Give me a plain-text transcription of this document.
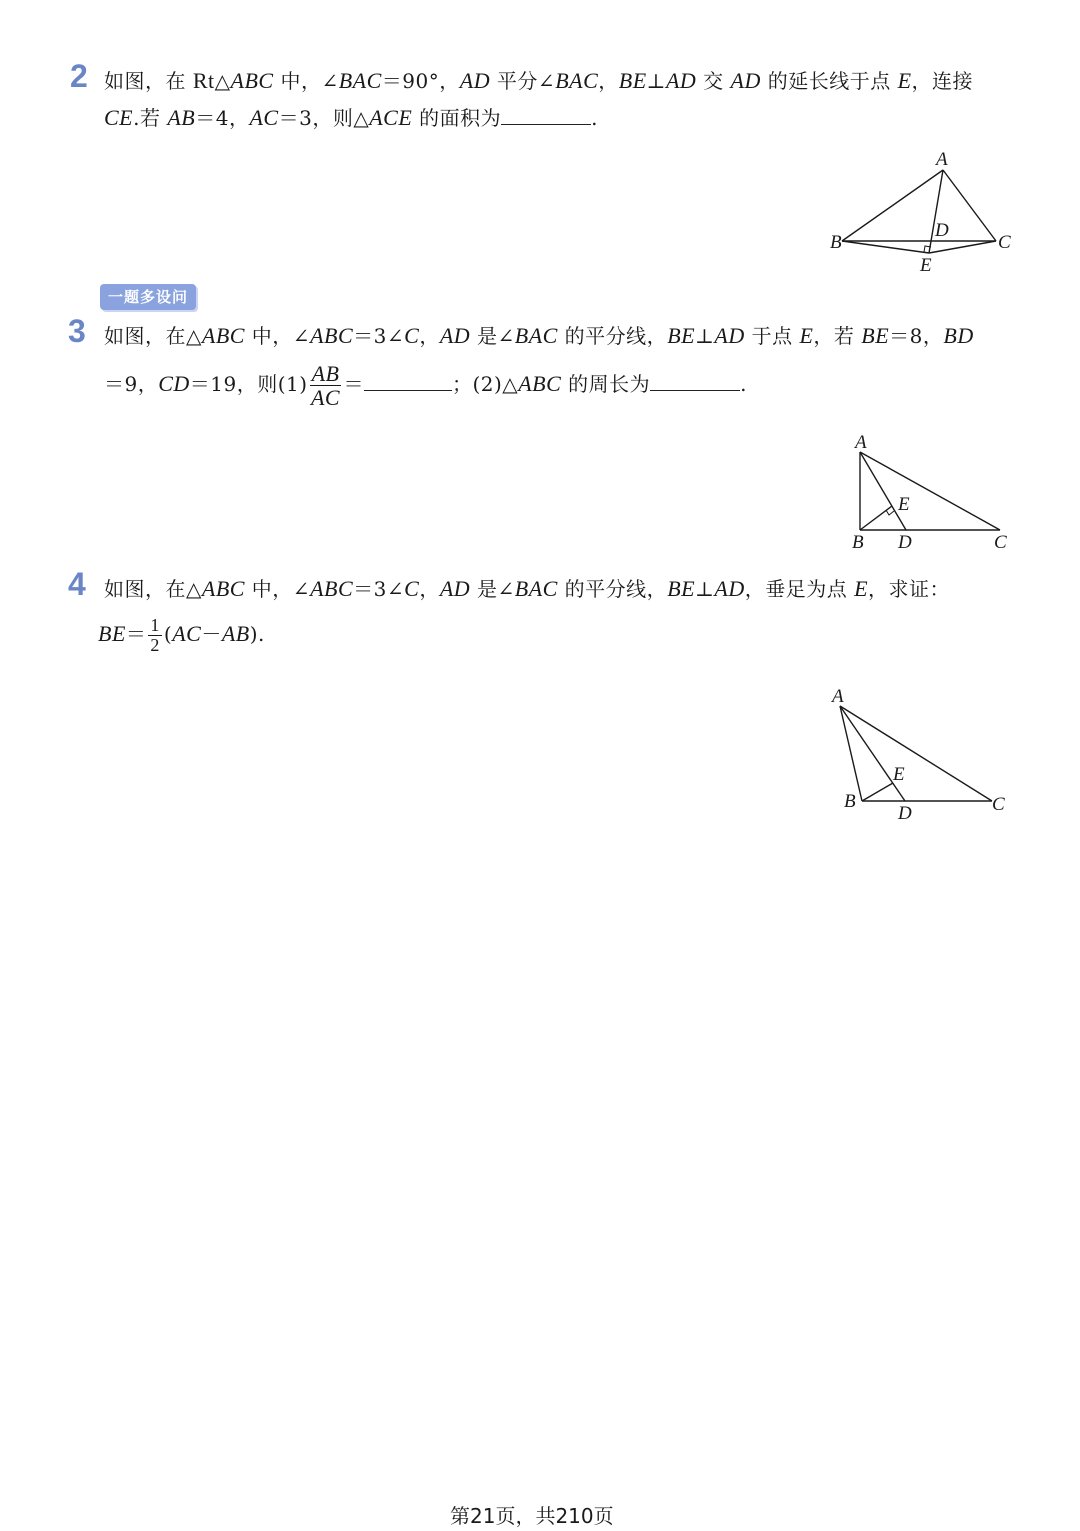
2 如图，在 Rt△ABC 中，∠BAC＝90°，AD 平分∠BAC，BE⊥AD 交 AD 的延长线于点 E，连接
CE.若 AB＝4，AC＝3，则△ACE 的面积为	.
A
B	C
D
E
一题多设问
3 如图，在△ABC 中，∠ABC＝3∠C，AD 是∠BAC 的平分线，BE⊥AD 于点 E，若 BE＝8，BD
＝9，CD＝19，则$(1) \frac{AB}{AC}$ ＝	；(2)△ABC 的周长为	.
A
B	C
D
E
4 如图，在△ABC 中，∠ABC＝3∠C，AD 是∠BAC 的平分线，BE⊥AD，垂足为点 E，求证：
$BE= \frac{1}{2} (AC-AB)$.
A
B	C
D
E
第21页，共210页
